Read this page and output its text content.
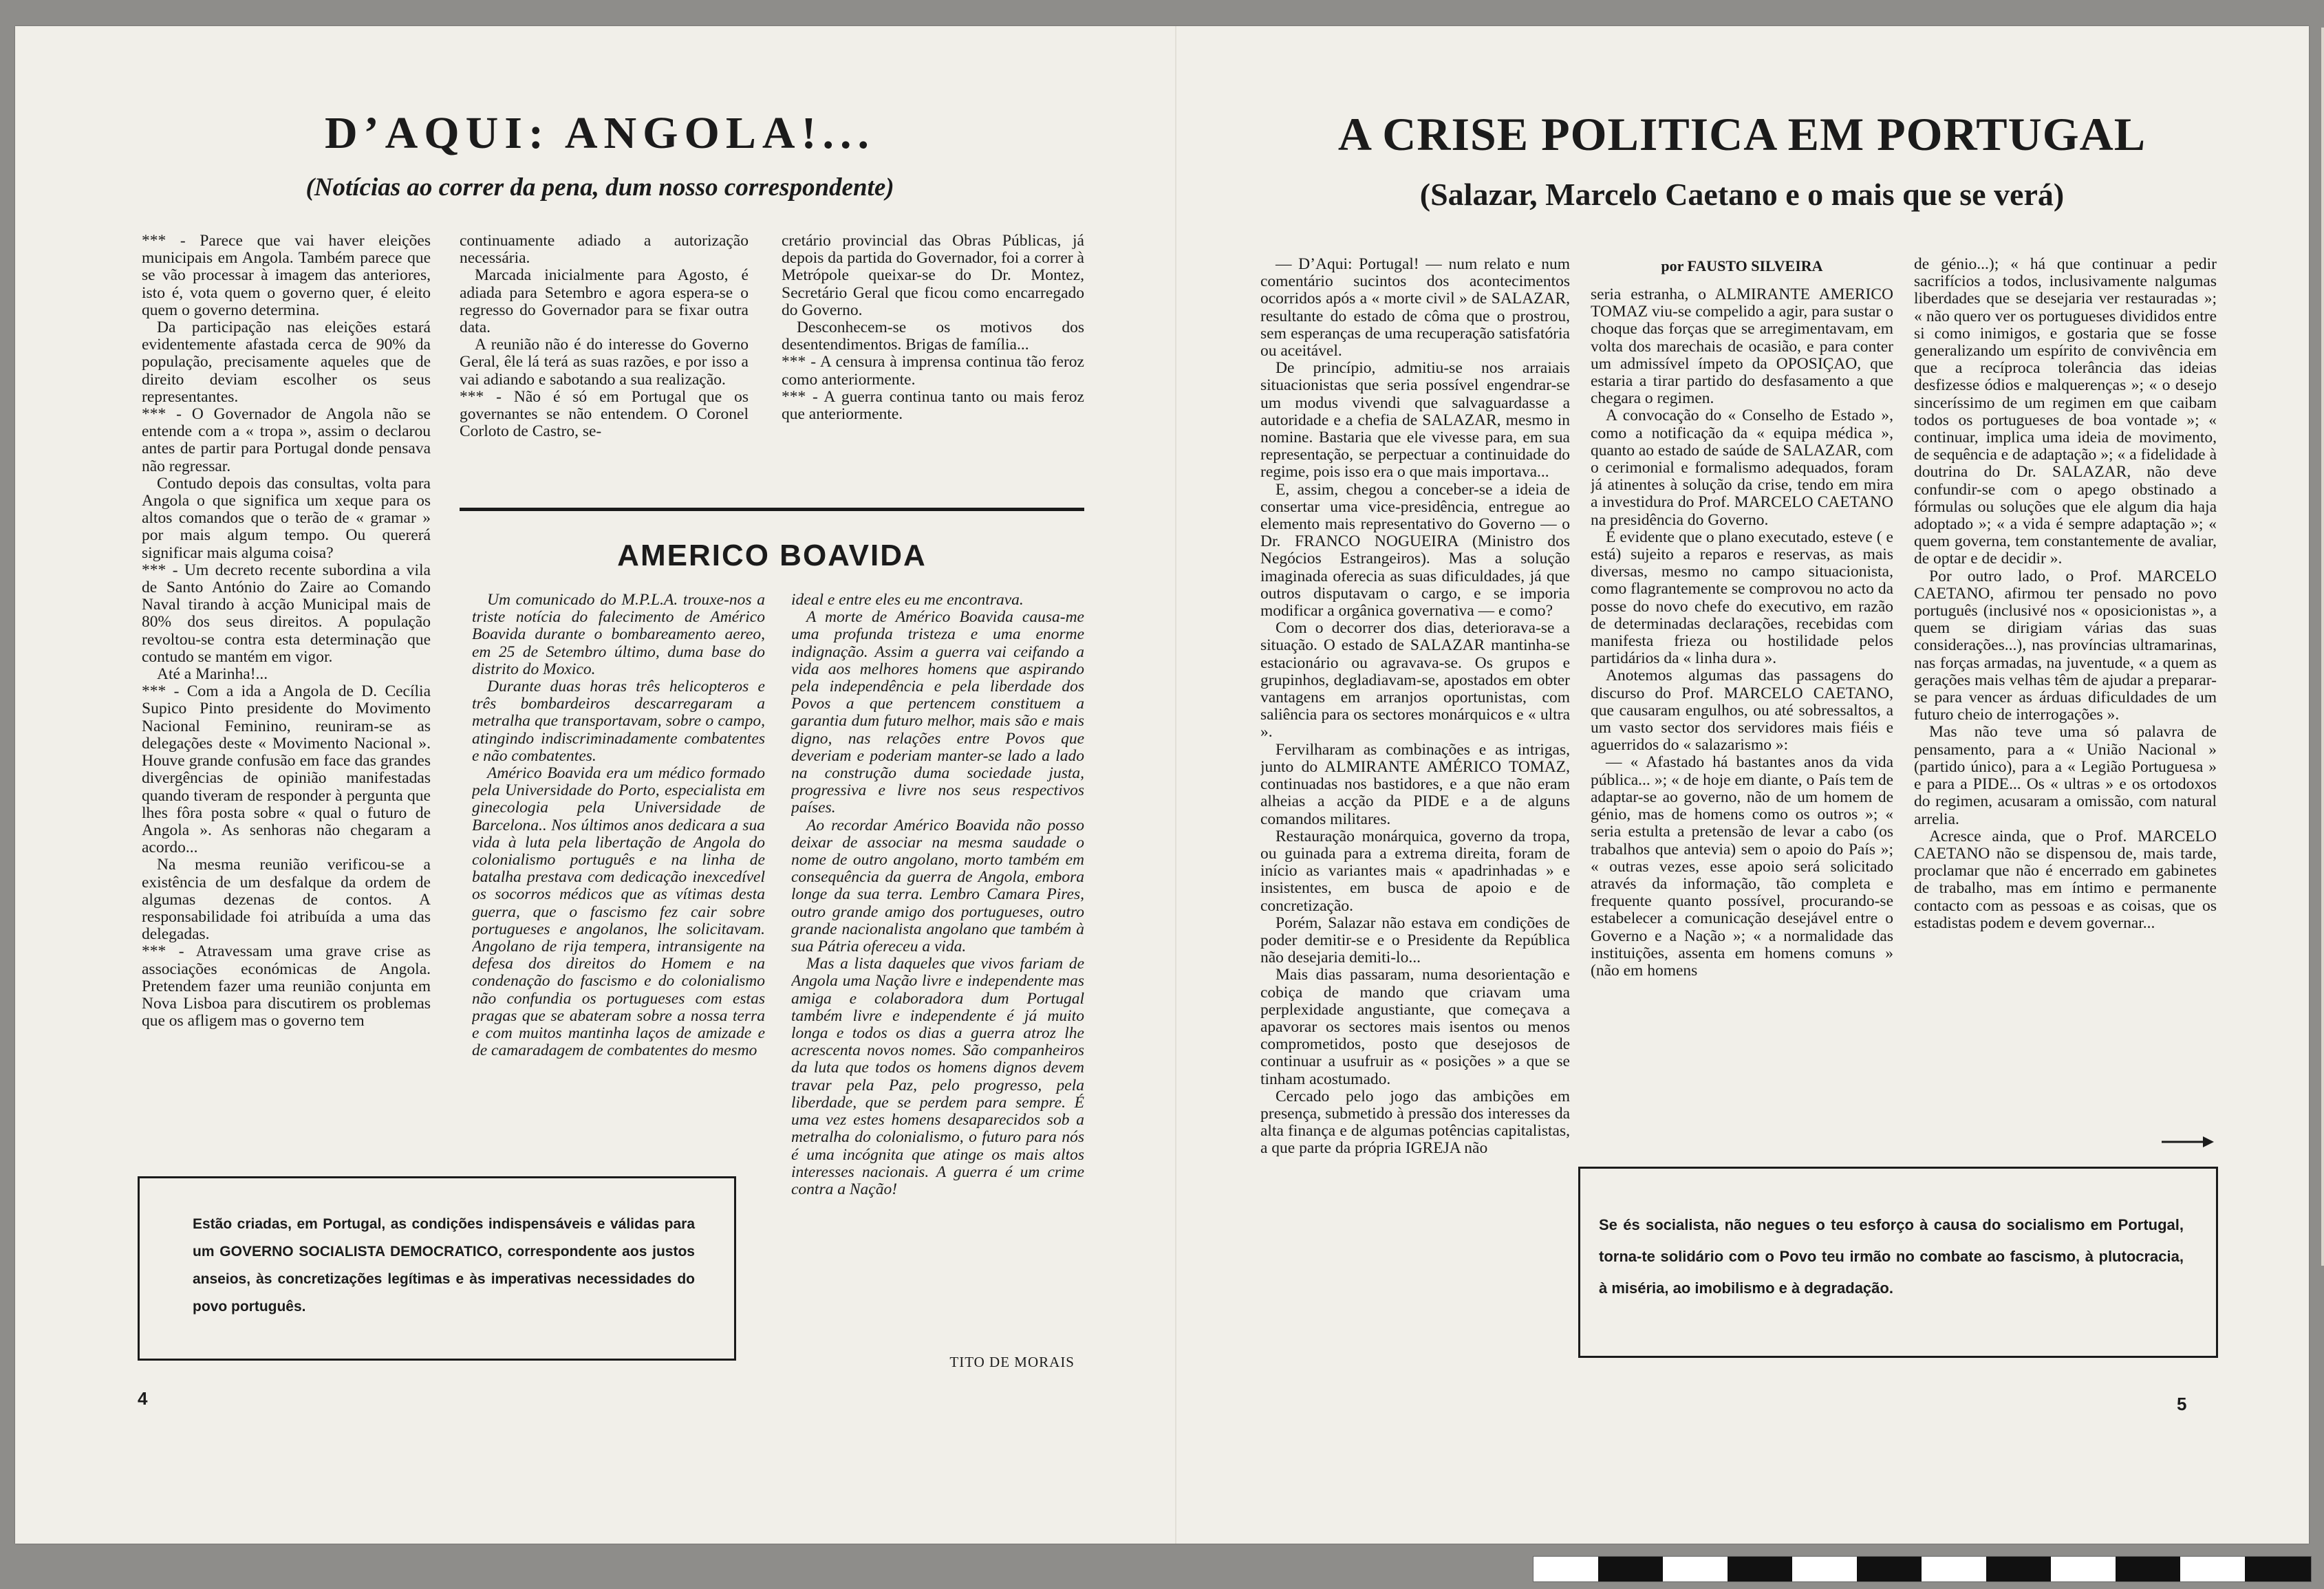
D’AQUI: ANGOLA!...
(Notícias ao correr da pena, dum nosso correspondente)

*** - Parece que vai haver eleições municipais em Angola. Também parece que se vão processar à imagem das anteriores, isto é, vota quem o governo quer, é eleito quem o governo determina.

Da participação nas eleições estará evidentemente afastada cerca de 90% da população, precisamente aqueles que de direito deviam escolher os seus representantes.

*** - O Governador de Angola não se entende com a « tropa », assim o declarou antes de partir para Portugal donde pensava não regressar.

Contudo depois das consultas, volta para Angola o que significa um xeque para os altos comandos que o terão de « gramar » por mais algum tempo. Ou quererá significar mais alguma coisa?

*** - Um decreto recente subordina a vila de Santo António do Zaire ao Comando Naval tirando à acção Municipal mais de 80% dos seus direitos. A população revoltou-se contra esta determinação que contudo se mantém em vigor.

Até a Marinha!...

*** - Com a ida a Angola de D. Cecília Supico Pinto presidente do Movimento Nacional Feminino, reuniram-se as delegações deste « Movimento Nacional ». Houve grande confusão em face das grandes divergências de opinião manifestadas quando tiveram de responder à pergunta que lhes fôra posta sobre « qual o futuro de Angola ». As senhoras não chegaram a acordo...

Na mesma reunião verificou-se a existência de um desfalque da ordem de algumas dezenas de contos. A responsabilidade foi atribuída a uma das delegadas.

*** - Atravessam uma grave crise as associações económicas de Angola. Pretendem fazer uma reunião conjunta em Nova Lisboa para discutirem os problemas que os afligem mas o governo tem

continuamente adiado a autorização necessária.

Marcada inicialmente para Agosto, é adiada para Setembro e agora espera-se o regresso do Governador para se fixar outra data.

A reunião não é do interesse do Governo Geral, êle lá terá as suas razões, e por isso a vai adiando e sabotando a sua realização.

*** - Não é só em Portugal que os governantes se não entendem. O Coronel Corloto de Castro, se-

cretário provincial das Obras Públicas, já depois da partida do Governador, foi a correr à Metrópole queixar-se do Dr. Montez, Secretário Geral que ficou como encarregado do Governo.

Desconhecem-se os motivos dos desentendimentos. Brigas de família...

*** - A censura à imprensa continua tão feroz como anteriormente.

*** - A guerra continua tanto ou mais feroz que anteriormente.

AMERICO BOAVIDA

Um comunicado do M.P.L.A. trouxe-nos a triste notícia do falecimento de Américo Boavida durante o bombareamento aereo, em 25 de Setembro último, duma base do distrito do Moxico.

Durante duas horas três helicopteros e três bombardeiros descarregaram a metralha que transportavam, sobre o campo, atingindo indiscriminadamente combatentes e não combatentes.

Américo Boavida era um médico formado pela Universidade do Porto, especialista em ginecologia pela Universidade de Barcelona.. Nos últimos anos dedicara a sua vida à luta pela libertação de Angola do colonialismo português e na linha de batalha prestava com dedicação inexcedível os socorros médicos que as vítimas desta guerra, que o fascismo fez cair sobre portugueses e angolanos, lhe solicitavam. Angolano de rija tempera, intransigente na defesa dos direitos do Homem e na condenação do fascismo e do colonialismo não confundia os portugueses com estas pragas que se abateram sobre a nossa terra e com muitos mantinha laços de amizade e de camaradagem de combatentes do mesmo

ideal e entre eles eu me encontrava.

A morte de Américo Boavida causa-me uma profunda tristeza e uma enorme indignação. Assim a guerra vai ceifando a vida aos melhores homens que aspirando pela independência e pela liberdade dos Povos a que pertencem constituem a garantia dum futuro melhor, mais são e mais digno, nas relações entre Povos que deveriam e poderiam manter-se lado a lado na construção duma sociedade justa, progressiva e livre nos seus respectivos países.

Ao recordar Américo Boavida não posso deixar de associar na mesma saudade o nome de outro angolano, morto também em consequência da guerra de Angola, embora longe da sua terra. Lembro Camara Pires, outro grande amigo dos portugueses, outro grande nacionalista angolano que também à sua Pátria ofereceu a vida.

Mas a lista daqueles que vivos fariam de Angola uma Nação livre e independente mas amiga e colaboradora dum Portugal também livre e independente é já muito longa e todos os dias a guerra atroz lhe acrescenta novos nomes. São companheiros da luta que todos os homens dignos devem travar pela Paz, pelo progresso, pela liberdade, que se perdem para sempre. É uma vez estes homens desaparecidos sob a metralha do colonialismo, o futuro para nós é uma incógnita que atinge os mais altos interesses nacionais. A guerra é um crime contra a Nação!

TITO DE MORAIS
Estão criadas, em Portugal, as condições indispensáveis e válidas para um GOVERNO SOCIALISTA DEMOCRATICO, correspondente aos justos anseios, às concretizações legítimas e às imperativas necessidades do povo português.
4
A CRISE POLITICA EM PORTUGAL
(Salazar, Marcelo Caetano e o mais que se verá)

— D’Aqui: Portugal! — num relato e num comentário sucintos dos acontecimentos ocorridos após a « morte civil » de SALAZAR, resultante do estado de côma que o prostrou, sem esperanças de uma recuperação satisfatória ou aceitável.

De princípio, admitiu-se nos arraiais situacionistas que seria possível engendrar-se um modus vivendi que salvaguardasse a autoridade e a chefia de SALAZAR, mesmo in nomine. Bastaria que ele vivesse para, em sua representação, se perpectuar a continuidade do regime, pois isso era o que mais importava...

E, assim, chegou a conceber-se a ideia de consertar uma vice-presidência, entregue ao elemento mais representativo do Governo — o Dr. FRANCO NOGUEIRA (Ministro dos Negócios Estrangeiros). Mas a solução imaginada oferecia as suas dificuldades, já que outros disputavam o cargo, e se imporia modificar a orgânica governativa — e como?

Com o decorrer dos dias, deteriorava-se a situação. O estado de SALAZAR mantinha-se estacionário ou agravava-se. Os grupos e grupinhos, degladiavam-se, apostados em obter vantagens em arranjos oportunistas, com saliência para os sectores monárquicos e « ultra ».

Fervilharam as combinações e as intrigas, junto do ALMIRANTE AMÉRICO TOMAZ, continuadas nos bastidores, e a que não eram alheias a acção da PIDE e a de alguns comandos militares.

Restauração monárquica, governo da tropa, ou guinada para a extrema direita, foram de início as variantes mais « apadrinhadas » e insistentes, em busca de apoio e de concretização.

Porém, Salazar não estava em condições de poder demitir-se e o Presidente da República não desejaria demiti-lo...

Mais dias passaram, numa desorientação e cobiça de mando que criavam uma perplexidade angustiante, que começava a apavorar os sectores mais isentos ou menos comprometidos, posto que desejosos de continuar a usufruir as « posições » a que se tinham acostumado.

Cercado pelo jogo das ambições em presença, submetido à pressão dos interesses da alta finança e de algumas potências capitalistas, a que parte da própria IGREJA não

por FAUSTO SILVEIRA

seria estranha, o ALMIRANTE AMERICO TOMAZ viu-se compelido a agir, para sustar o choque das forças que se arregimentavam, em volta dos marechais de ocasião, e para conter um admissível ímpeto da OPOSIÇAO, que estaria a tirar partido do desfasamento a que chegara o regimen.

A convocação do « Conselho de Estado », como a notificação da « equipa médica », quanto ao estado de saúde de SALAZAR, com o cerimonial e formalismo adequados, foram já atinentes à solução da crise, tendo em mira a investidura do Prof. MARCELO CAETANO na presidência do Governo.

É evidente que o plano executado, esteve ( e está) sujeito a reparos e reservas, as mais diversas, mesmo no campo situacionista, como flagrantemente se comprovou no acto da posse do novo chefe do executivo, em razão de determinadas declarações, recebidas com manifesta frieza ou hostilidade pelos partidários da « linha dura ».

Anotemos algumas das passagens do discurso do Prof. MARCELO CAETANO, que causaram engulhos, ou até sobressaltos, a um vasto sector dos servidores mais fiéis e aguerridos do « salazarismo »:

— « Afastado há bastantes anos da vida pública... »; « de hoje em diante, o País tem de adaptar-se ao governo, não de um homem de génio, mas de homens como os outros »; « seria estulta a pretensão de levar a cabo (os trabalhos que antevia) sem o apoio do País »; « outras vezes, esse apoio será solicitado através da informação, tão completa e frequente quanto possível, procurando-se estabelecer a comunicação desejável entre o Governo e a Nação »; « a normalidade das instituições, assenta em homens comuns » (não em homens

de génio...); « há que continuar a pedir sacrifícios a todos, inclusivamente nalgumas liberdades que se desejaria ver restauradas »; « não quero ver os portugueses divididos entre si como inimigos, e gostaria que se fosse generalizando um espírito de convivência em que a recíproca tolerância das ideias desfizesse ódios e malquerenças »; « o desejo sinceríssimo de um regimen em que caibam todos os portugueses de boa vontade »; « continuar, implica uma ideia de movimento, de sequência e de adaptação »; « a fidelidade à doutrina do Dr. SALAZAR, não deve confundir-se com o apego obstinado a fórmulas ou soluções que ele algum dia haja adoptado »; « a vida é sempre adaptação »; « quem governa, tem constantemente de avaliar, de optar e de decidir ».

Por outro lado, o Prof. MARCELO CAETANO, afirmou ter pensado no povo português (inclusivé nos « oposicionistas », a quem se dirigiam várias das suas considerações...), nas províncias ultramarinas, nas forças armadas, na juventude, « a quem as gerações mais velhas têm de ajudar a preparar-se para vencer as árduas dificuldades de um futuro cheio de interrogações ».

Mas não teve uma só palavra de pensamento, para a « União Nacional » (partido único), para a « Legião Portuguesa » e para a PIDE... Os « ultras » e os ortodoxos do regimen, acusaram a omissão, com natural arrelia.

Acresce ainda, que o Prof. MARCELO CAETANO não se dispensou de, mais tarde, proclamar que não é encerrado em gabinetes de trabalho, mas em íntimo e permanente contacto com as pessoas e as coisas, que os estadistas podem e devem governar...

Se és socialista, não negues o teu esforço à causa do socialismo em Portugal, torna-te solidário com o Povo teu irmão no combate ao fascismo, à plutocracia, à miséria, ao imobilismo e à degradação.
5
